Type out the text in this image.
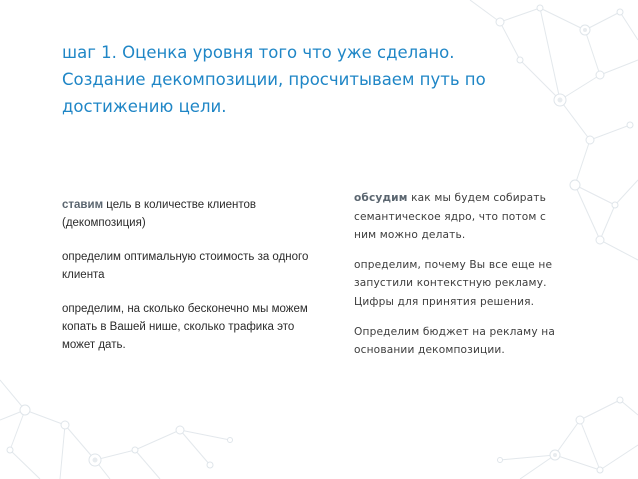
шаг 1. Оценка уровня того что уже сделано. Создание декомпозиции, просчитываем путь по достижению цели.

ставим цель в количестве клиентов (декомпозиция)

определим оптимальную стоимость за одного клиента

определим, на сколько бесконечно мы можем копать в Вашей нише, сколько трафика это может дать.

обсудим как мы будем собирать семантическое ядро, что потом с ним можно делать.

определим, почему Вы все еще не запустили контекстную рекламу. Цифры для принятия решения.

Определим бюджет на рекламу на основании декомпозиции.
